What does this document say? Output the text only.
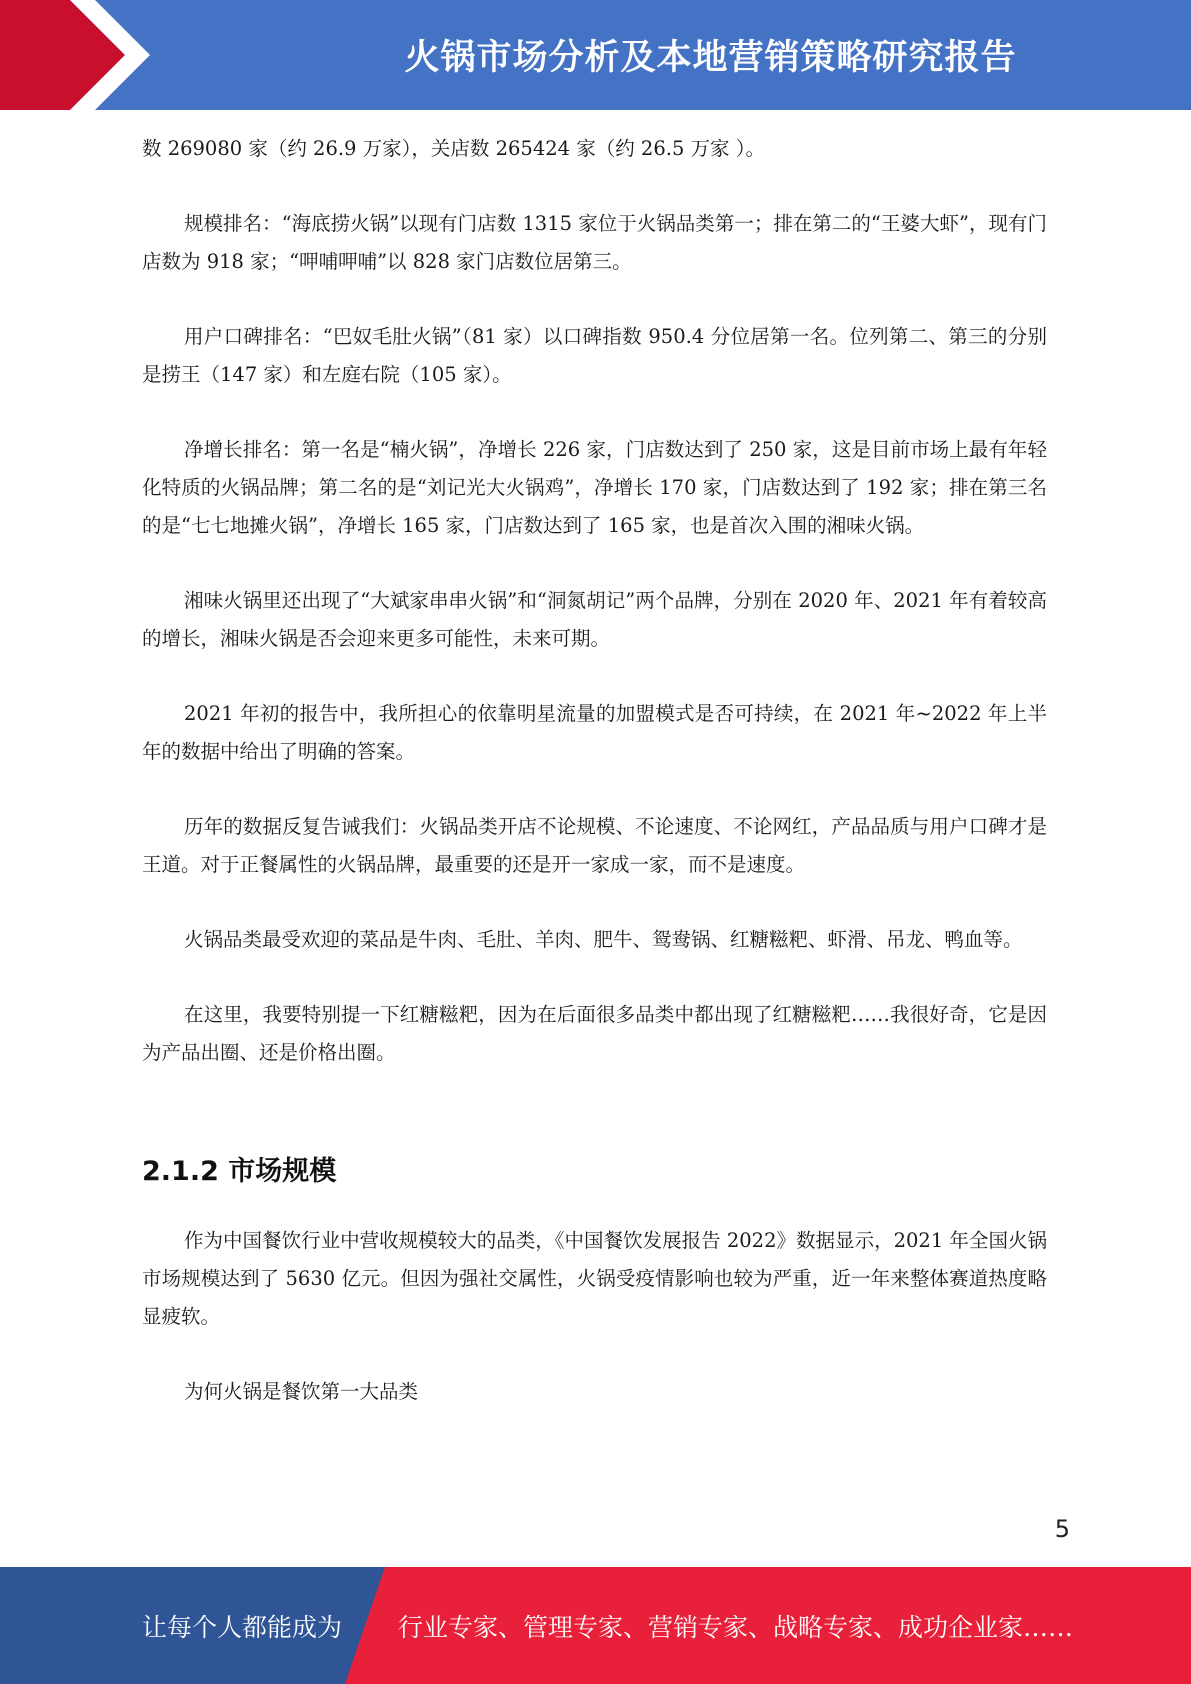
火锅市场分析及本地营销策略研究报告

数 269080 家（约 26.9 万家），关店数 265424 家（约 26.5 万家 ）。

规模排名：“海底捞火锅”以现有门店数 1315 家位于火锅品类第一；排在第二的“王婆大虾”，现有门店数为 918 家；“呷哺呷哺”以 828 家门店数位居第三。

用户口碑排名：“巴奴毛肚火锅”（81 家）以口碑指数 950.4 分位居第一名。位列第二、第三的分别是捞王（147 家）和左庭右院（105 家）。

净增长排名：第一名是“楠火锅”，净增长 226 家，门店数达到了 250 家，这是目前市场上最有年轻化特质的火锅品牌；第二名的是“刘记光大火锅鸡”，净增长 170 家，门店数达到了 192 家；排在第三名的是“七七地摊火锅”，净增长 165 家，门店数达到了 165 家，也是首次入围的湘味火锅。

湘味火锅里还出现了“大斌家串串火锅”和“洞氮胡记”两个品牌，分别在 2020 年、2021 年有着较高的增长，湘味火锅是否会迎来更多可能性，未来可期。

2021 年初的报告中，我所担心的依靠明星流量的加盟模式是否可持续，在 2021 年~2022 年上半年的数据中给出了明确的答案。

历年的数据反复告诫我们：火锅品类开店不论规模、不论速度、不论网红，产品品质与用户口碑才是王道。对于正餐属性的火锅品牌，最重要的还是开一家成一家，而不是速度。

火锅品类最受欢迎的菜品是牛肉、毛肚、羊肉、肥牛、鸳鸯锅、红糖糍粑、虾滑、吊龙、鸭血等。

在这里，我要特别提一下红糖糍粑，因为在后面很多品类中都出现了红糖糍粑……我很好奇，它是因为产品出圈、还是价格出圈。

2.1.2 市场规模

作为中国餐饮行业中营收规模较大的品类，《中国餐饮发展报告 2022》数据显示，2021 年全国火锅市场规模达到了 5630 亿元。但因为强社交属性，火锅受疫情影响也较为严重，近一年来整体赛道热度略显疲软。

为何火锅是餐饮第一大品类

5
让每个人都能成为 行业专家、管理专家、营销专家、战略专家、成功企业家……
